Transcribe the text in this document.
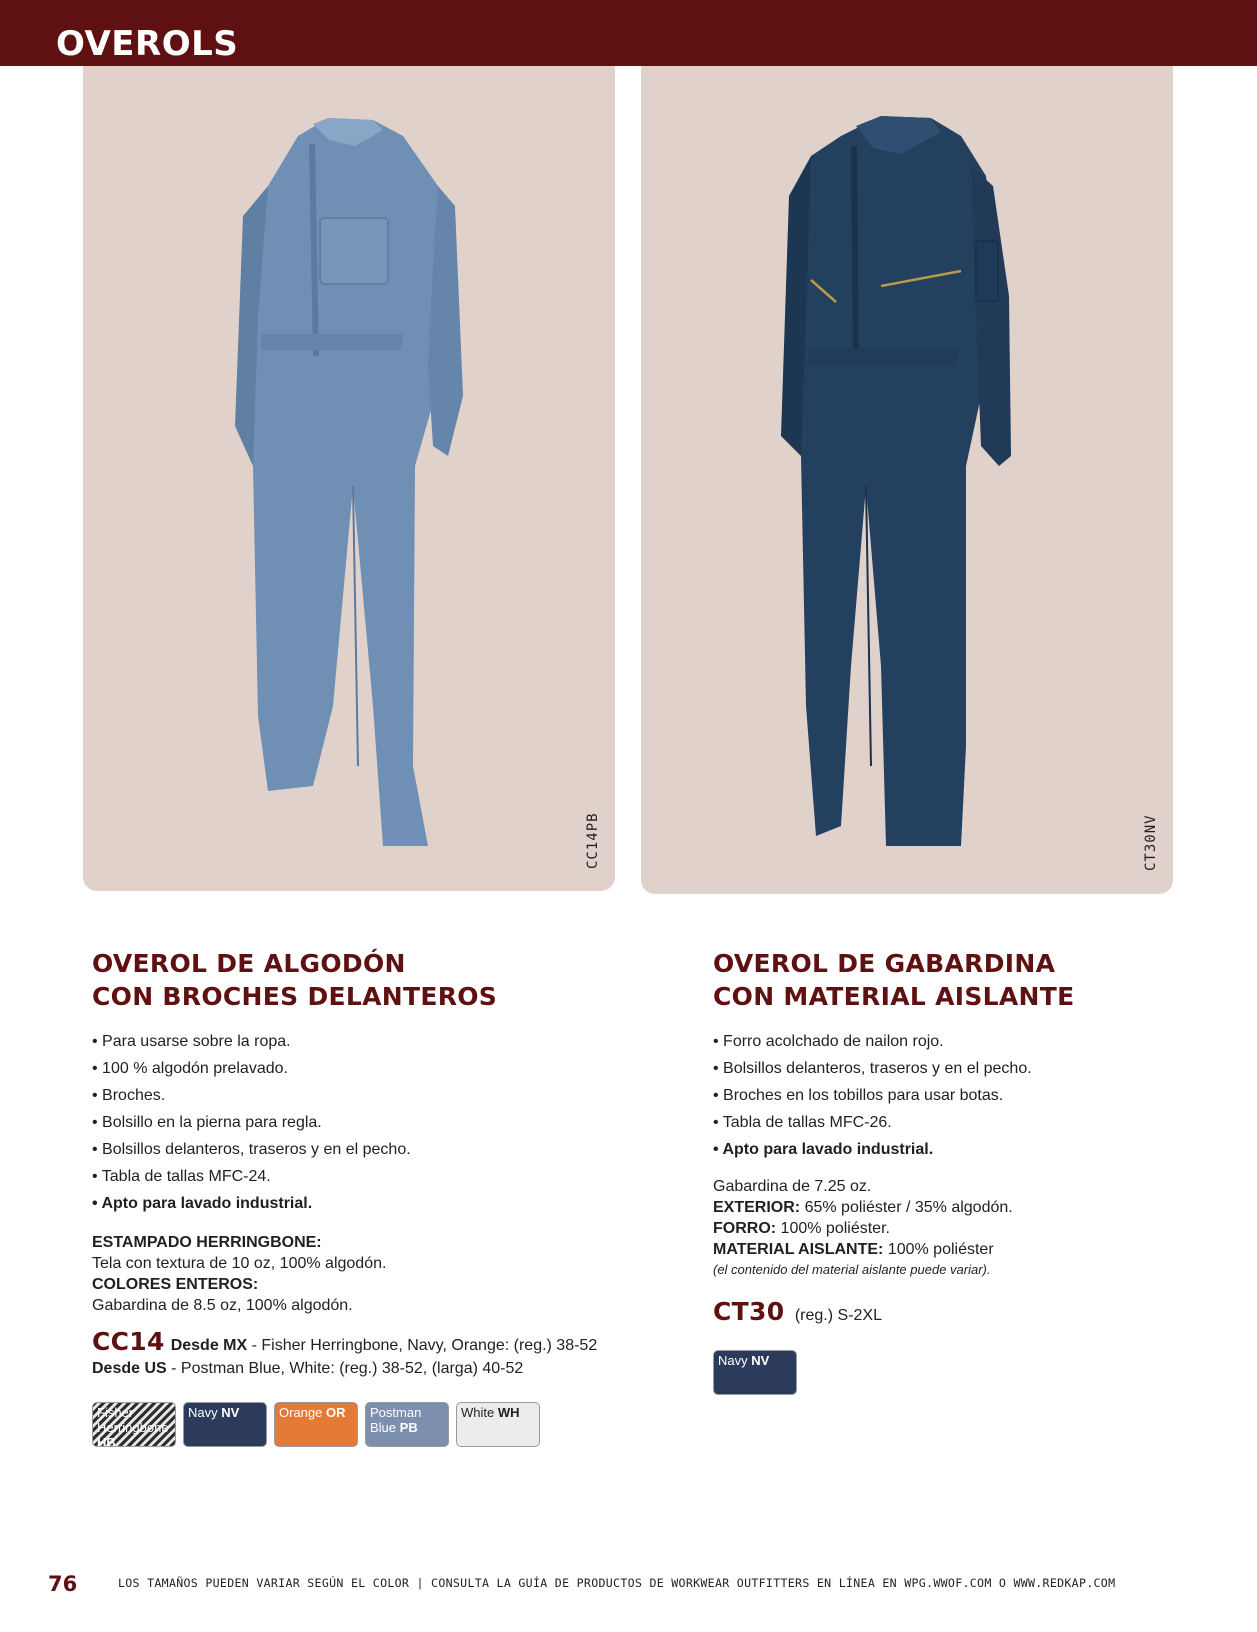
OVEROLS
CC14PB	CT30NV
OVEROL DE ALGODÓN
CON BROCHES DELANTEROS
• Para usarse sobre la ropa.
• 100 % algodón prelavado.
• Broches.
• Bolsillo en la pierna para regla.
• Bolsillos delanteros, traseros y en el pecho.
• Tabla de tallas MFC-24.
• Apto para lavado industrial.
ESTAMPADO HERRINGBONE:
Tela con textura de 10 oz, 100% algodón.
COLORES ENTEROS:
Gabardina de 8.5 oz, 100% algodón.
CC14 Desde MX - Fisher Herringbone, Navy, Orange: (reg.) 38-52
Desde US - Postman Blue, White: (reg.) 38-52, (larga) 40-52
Fisher Herringbone HB
Navy NV	Orange OR Postman Blue PB
White WH
OVEROL DE GABARDINA
CON MATERIAL AISLANTE
• Forro acolchado de nailon rojo.
• Bolsillos delanteros, traseros y en el pecho.
• Broches en los tobillos para usar botas.
• Tabla de tallas MFC-26.
• Apto para lavado industrial.
Gabardina de 7.25 oz.
EXTERIOR: 65% poliéster / 35% algodón.
FORRO: 100% poliéster.
MATERIAL AISLANTE: 100% poliéster
(el contenido del material aislante puede variar).
CT30 (reg.) S-2XL
Navy NV
76	LOS TAMAÑOS PUEDEN VARIAR SEGÚN EL COLOR | CONSULTA LA GUÍA DE PRODUCTOS DE WORKWEAR OUTFITTERS EN LÍNEA EN WPG.WWOF.COM O WWW.REDKAP.COM
